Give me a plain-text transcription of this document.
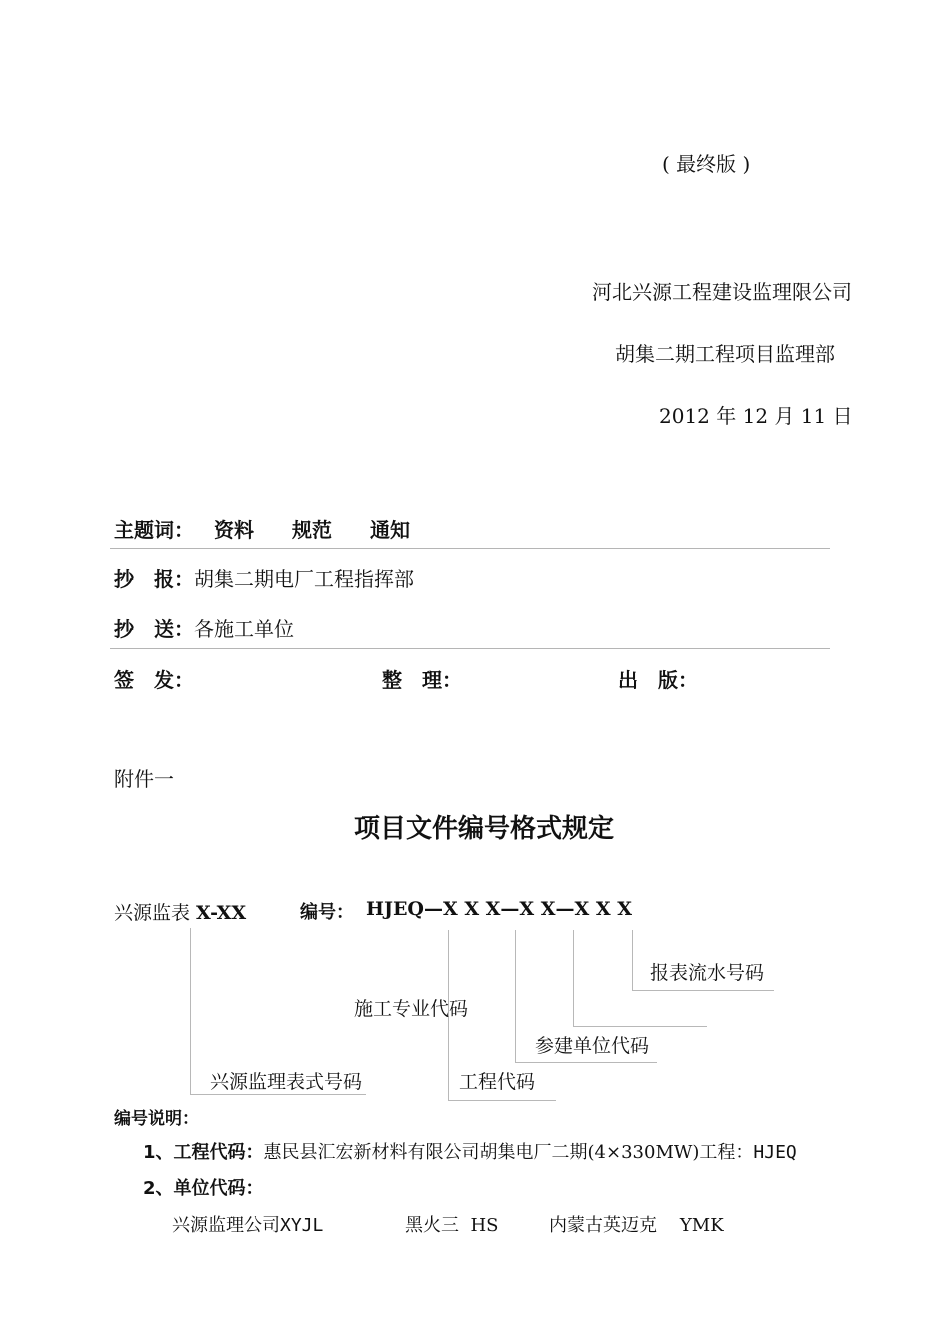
( 最终版 )
河北兴源工程建设监理限公司
胡集二期工程项目监理部
2012 年 12 月 11 日
主题词： 资料 规范 通知
抄　报：胡集二期电厂工程指挥部
抄　送：各施工单位
签　发：	整　理：	出　版：
附件一
项目文件编号格式规定
兴源监表 X-XX	编号： HJEQ—X X X—X X—X X X
报表流水号码
施工专业代码
参建单位代码
兴源监理表式号码	工程代码
编号说明：
1、工程代码：惠民县汇宏新材料有限公司胡集电厂二期(4×330MW)工程：HJEQ
2、单位代码：
兴源监理公司XYJL	黑火三 HS	内蒙古英迈克 YMK
